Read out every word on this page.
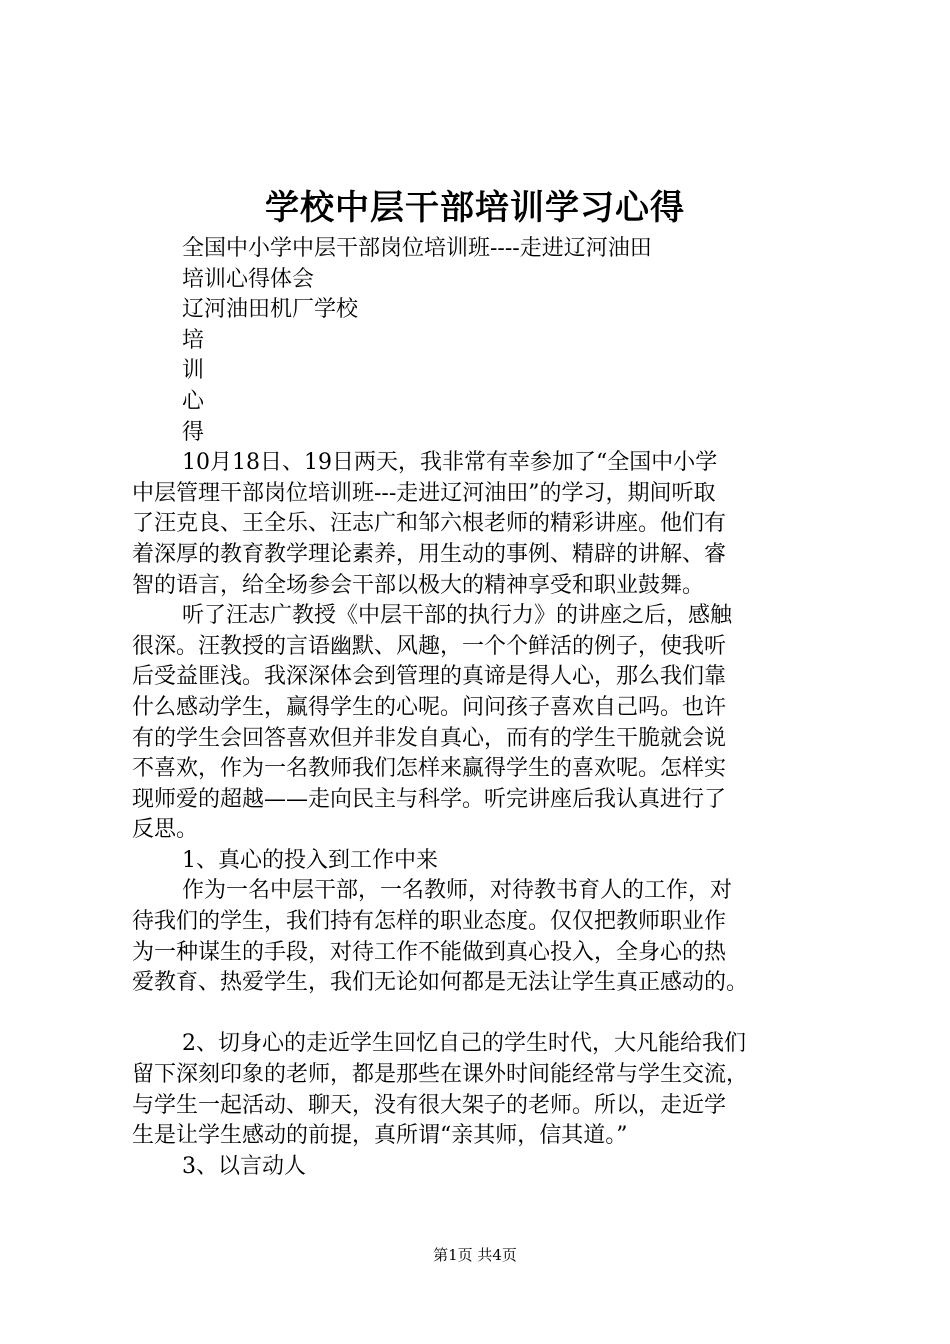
学校中层干部培训学习心得
全国中小学中层干部岗位培训班----走进辽河油田
培训心得体会
辽河油田机厂学校
培
训
心
得
10月18日、19日两天，我非常有幸参加了“全国中小学
中层管理干部岗位培训班---走进辽河油田”的学习，期间听取
了汪克良、王全乐、汪志广和邹六根老师的精彩讲座。他们有
着深厚的教育教学理论素养，用生动的事例、精辟的讲解、睿
智的语言，给全场参会干部以极大的精神享受和职业鼓舞。
听了汪志广教授《中层干部的执行力》的讲座之后，感触
很深。汪教授的言语幽默、风趣，一个个鲜活的例子，使我听
后受益匪浅。我深深体会到管理的真谛是得人心，那么我们靠
什么感动学生，赢得学生的心呢。问问孩子喜欢自己吗。也许
有的学生会回答喜欢但并非发自真心，而有的学生干脆就会说
不喜欢，作为一名教师我们怎样来赢得学生的喜欢呢。怎样实
现师爱的超越——走向民主与科学。听完讲座后我认真进行了
反思。
1、真心的投入到工作中来
作为一名中层干部，一名教师，对待教书育人的工作，对
待我们的学生，我们持有怎样的职业态度。仅仅把教师职业作
为一种谋生的手段，对待工作不能做到真心投入，全身心的热
爱教育、热爱学生，我们无论如何都是无法让学生真正感动的。
2、切身心的走近学生回忆自己的学生时代，大凡能给我们
留下深刻印象的老师，都是那些在课外时间能经常与学生交流，
与学生一起活动、聊天，没有很大架子的老师。所以，走近学
生是让学生感动的前提，真所谓“亲其师，信其道。”
3、以言动人
第1页 共4页
